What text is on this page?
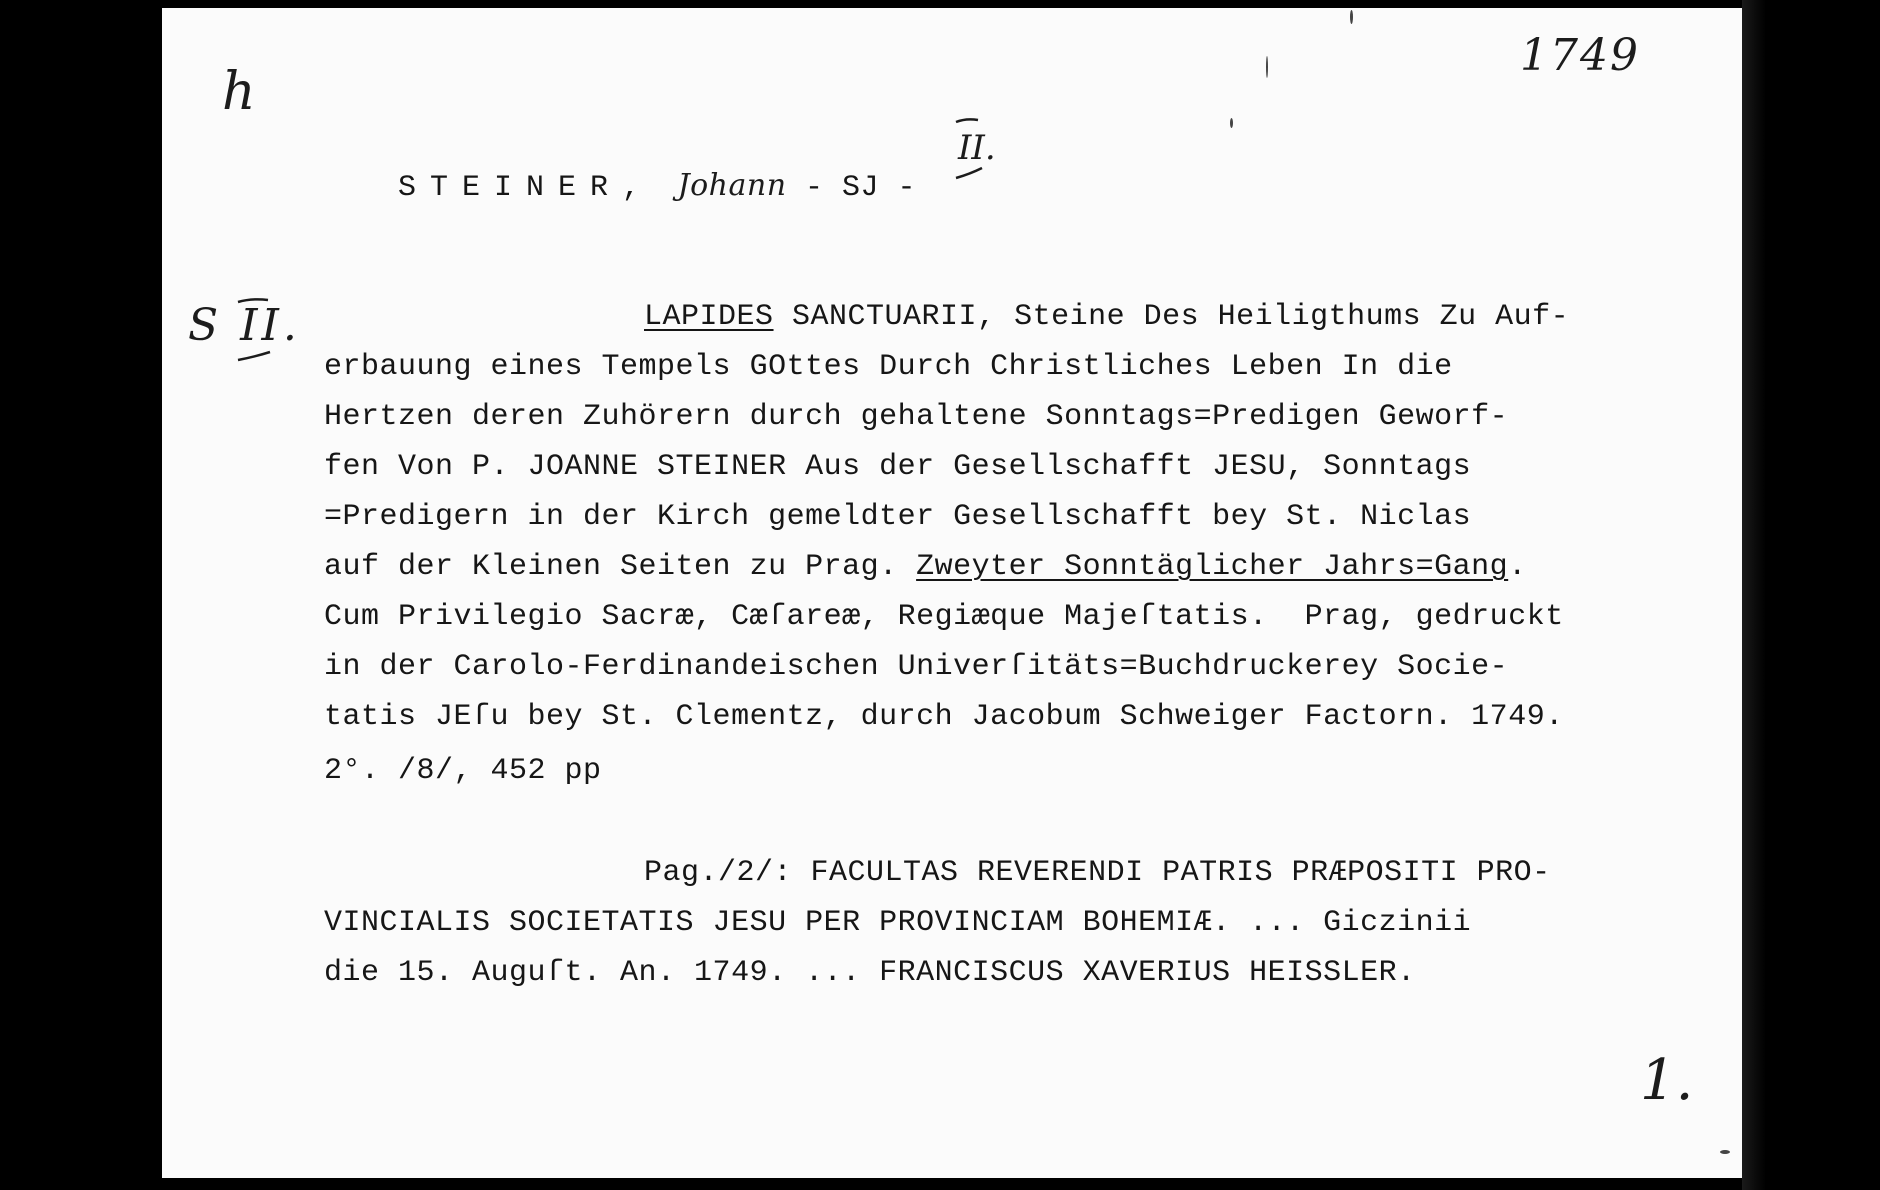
h
1749
II.
S II.
1.

STEINER, Johann - SJ -

LAPIDES SANCTUARII, Steine Des Heiligthums Zu Auf-
erbauung eines Tempels GOttes Durch Christliches Leben In die
Hertzen deren Zuhörern durch gehaltene Sonntags=Predigen Geworf-
fen Von P. JOANNE STEINER Aus der Gesellschafft JESU, Sonntags
=Predigern in der Kirch gemeldter Gesellschafft bey St. Niclas
auf der Kleinen Seiten zu Prag. Zweyter Sonntäglicher Jahrs=Gang.
Cum Privilegio Sacræ, Cæſareæ, Regiæque Majeſtatis.  Prag, gedruckt
in der Carolo-Ferdinandeischen Univerſitäts=Buchdruckerey Socie-
tatis JEſu bey St. Clementz, durch Jacobum Schweiger Factorn. 1749.
2°. /8/, 452 pp
Pag./2/: FACULTAS REVERENDI PATRIS PRÆPOSITI PRO-
VINCIALIS SOCIETATIS JESU PER PROVINCIAM BOHEMIÆ. ... Giczinii
die 15. Auguſt. An. 1749. ... FRANCISCUS XAVERIUS HEISSLER.
